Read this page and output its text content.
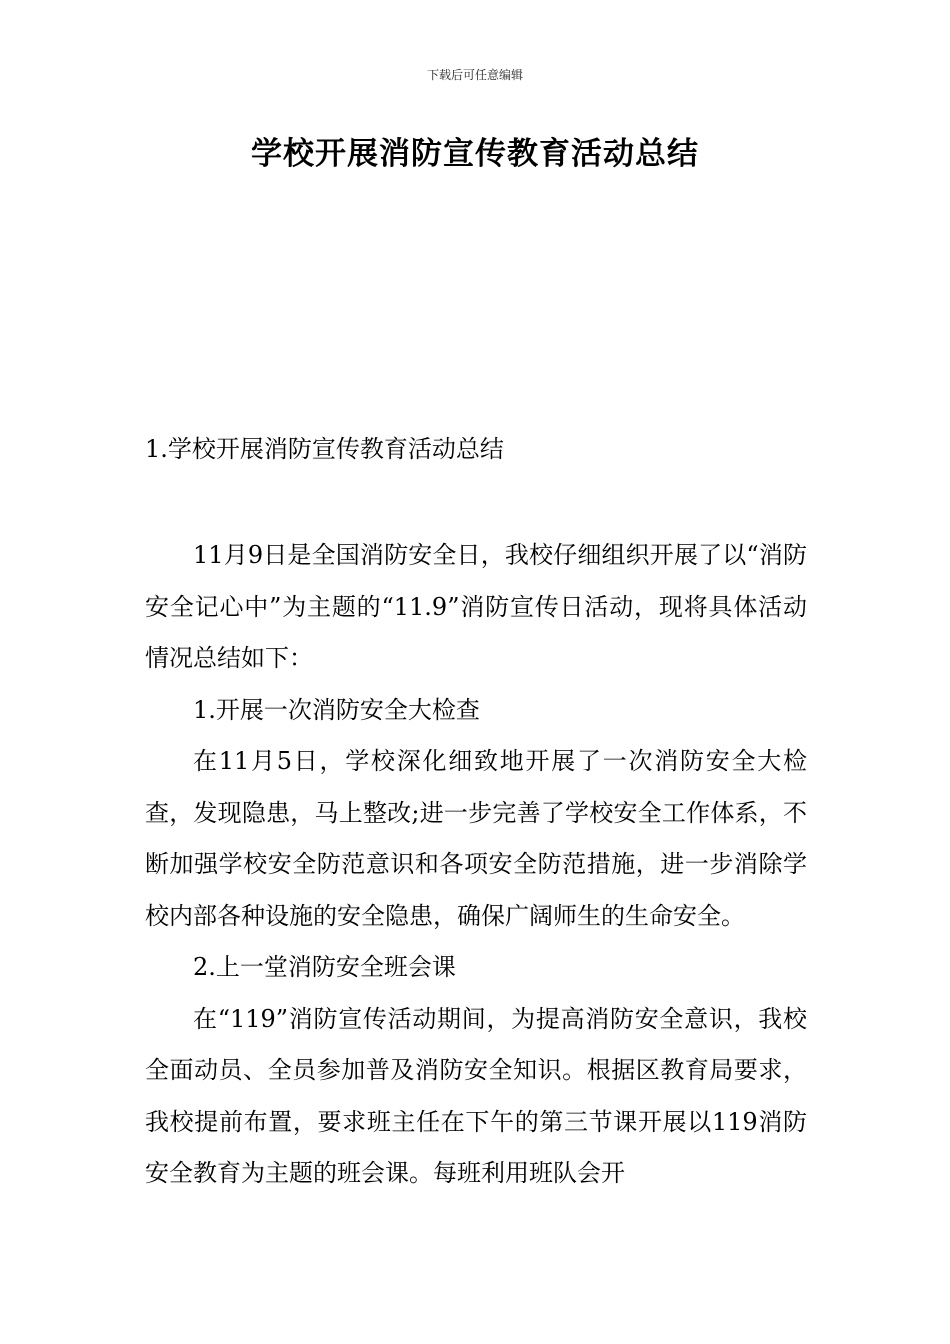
下载后可任意编辑
学校开展消防宣传教育活动总结
1.学校开展消防宣传教育活动总结

11月9日是全国消防安全日，我校仔细组织开展了以“消防安全记心中”为主题的“11.9”消防宣传日活动，现将具体活动情况总结如下：

1.开展一次消防安全大检查

在11月5日，学校深化细致地开展了一次消防安全大检查，发现隐患，马上整改;进一步完善了学校安全工作体系，不断加强学校安全防范意识和各项安全防范措施，进一步消除学校内部各种设施的安全隐患，确保广阔师生的生命安全。

2.上一堂消防安全班会课

在“119”消防宣传活动期间，为提高消防安全意识，我校全面动员、全员参加普及消防安全知识。根据区教育局要求，我校提前布置，要求班主任在下午的第三节课开展以119消防安全教育为主题的班会课。每班利用班队会开
